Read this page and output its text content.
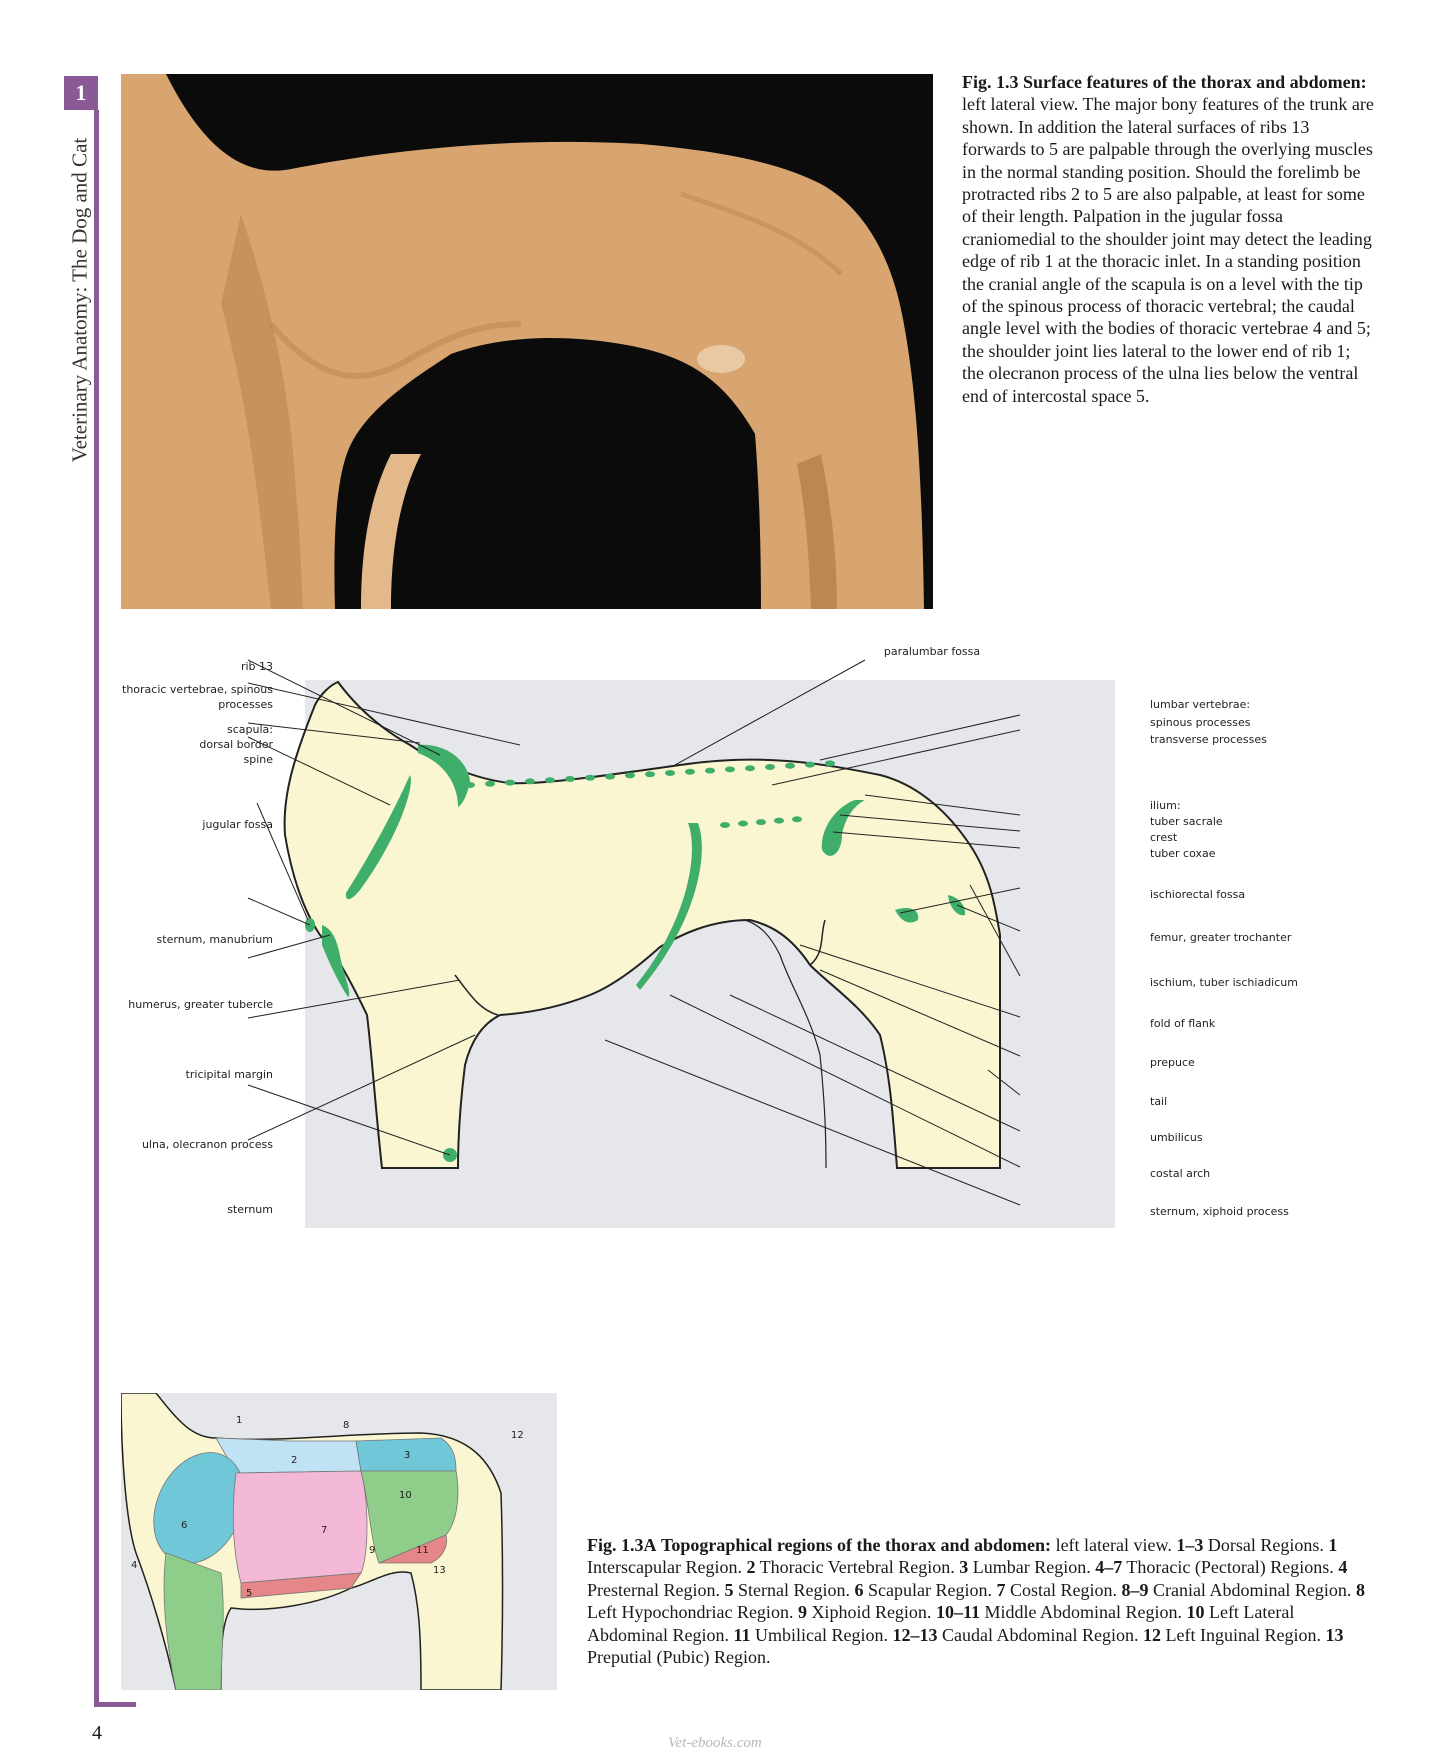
1
Veterinary Anatomy: The Dog and Cat
4	Vet-ebooks.com
Fig. 1.3 Surface features of the thorax and abdomen: left lateral view. The major bony features of the trunk are shown. In addition the lateral surfaces of ribs 13 forwards to 5 are palpable through the overlying muscles in the normal standing position. Should the forelimb be protracted ribs 2 to 5 are also palpable, at least for some of their length. Palpation in the jugular fossa craniomedial to the shoulder joint may detect the leading edge of rib 1 at the thoracic inlet. In a standing position the cranial angle of the scapula is on a level with the tip of the spinous process of thoracic vertebral; the caudal angle level with the bodies of thoracic vertebrae 4 and 5; the shoulder joint lies lateral to the lower end of rib 1; the olecranon process of the ulna lies below the ventral end of intercostal space 5.
rib 13
thoracic vertebrae, spinous
processes
scapula:
dorsal border
spine
jugular fossa
sternum, manubrium
humerus, greater tubercle
tricipital margin
ulna, olecranon process
sternum
paralumbar fossa
lumbar vertebrae:
spinous processes
transverse processes
ilium:
tuber sacrale
crest
tuber coxae
ischiorectal fossa
femur, greater trochanter
ischium, tuber ischiadicum
fold of flank
prepuce
tail
umbilicus
costal arch
sternum, xiphoid process
1
2	3
4
5
6	7
8
9
10
11
12
13
Fig. 1.3A Topographical regions of the thorax and abdomen: left lateral view. 1–3 Dorsal Regions. 1 Interscapular Region. 2 Thoracic Vertebral Region. 3 Lumbar Region. 4–7 Thoracic (Pectoral) Regions. 4 Presternal Region. 5 Sternal Region. 6 Scapular Region. 7 Costal Region. 8–9 Cranial Abdominal Region. 8 Left Hypochondriac Region. 9 Xiphoid Region. 10–11 Middle Abdominal Region. 10 Left Lateral Abdominal Region. 11 Umbilical Region. 12–13 Caudal Abdominal Region. 12 Left Inguinal Region. 13 Preputial (Pubic) Region.
